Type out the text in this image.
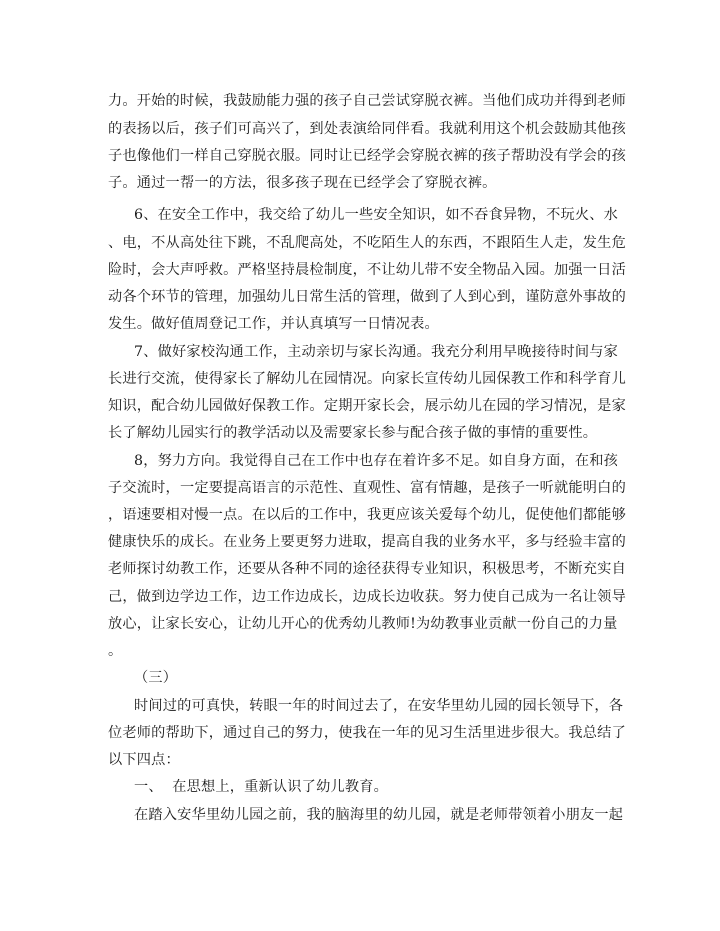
力。开始的时候，我鼓励能力强的孩子自己尝试穿脱衣裤。当他们成功并得到老师
的表扬以后，孩子们可高兴了，到处表演给同伴看。我就利用这个机会鼓励其他孩
子也像他们一样自己穿脱衣服。同时让已经学会穿脱衣裤的孩子帮助没有学会的孩
子。通过一帮一的方法，很多孩子现在已经学会了穿脱衣裤。
6、在安全工作中，我交给了幼儿一些安全知识，如不吞食异物，不玩火、水
、电，不从高处往下跳，不乱爬高处，不吃陌生人的东西，不跟陌生人走，发生危
险时，会大声呼救。严格坚持晨检制度，不让幼儿带不安全物品入园。加强一日活
动各个环节的管理，加强幼儿日常生活的管理，做到了人到心到，谨防意外事故的
发生。做好值周登记工作，并认真填写一日情况表。
7、做好家校沟通工作，主动亲切与家长沟通。我充分利用早晚接待时间与家
长进行交流，使得家长了解幼儿在园情况。向家长宣传幼儿园保教工作和科学育儿
知识，配合幼儿园做好保教工作。定期开家长会，展示幼儿在园的学习情况，是家
长了解幼儿园实行的教学活动以及需要家长参与配合孩子做的事情的重要性。
8，努力方向。我觉得自己在工作中也存在着许多不足。如自身方面，在和孩
子交流时，一定要提高语言的示范性、直观性、富有情趣，是孩子一听就能明白的
，语速要相对慢一点。在以后的工作中，我更应该关爱每个幼儿，促使他们都能够
健康快乐的成长。在业务上要更努力进取，提高自我的业务水平，多与经验丰富的
老师探讨幼教工作，还要从各种不同的途径获得专业知识，积极思考，不断充实自
己，做到边学边工作，边工作边成长，边成长边收获。努力使自己成为一名让领导
放心，让家长安心，让幼儿开心的优秀幼儿教师!为幼教事业贡献一份自己的力量
。
（三）
时间过的可真快，转眼一年的时间过去了，在安华里幼儿园的园长领导下，各
位老师的帮助下，通过自己的努力，使我在一年的见习生活里进步很大。我总结了
以下四点：
一、  在思想上，重新认识了幼儿教育。
在踏入安华里幼儿园之前，我的脑海里的幼儿园，就是老师带领着小朋友一起
